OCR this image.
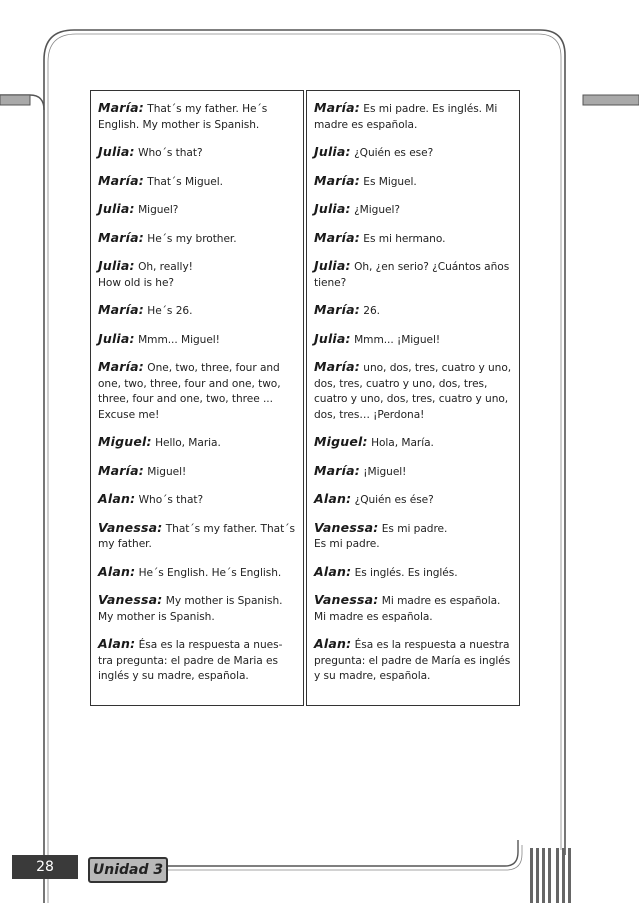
María: That´s my father. He´s English. My mother is Spanish.

Julia: Who´s that?

María: That´s Miguel.

Julia: Miguel?

María: He´s my brother.

Julia: Oh, really!
How old is he?

María: He´s 26.

Julia: Mmm... Miguel!

María: One, two, three, four and one, two, three, four and one, two, three, four and one, two, three ... Excuse me!

Miguel: Hello, Maria.

María: Miguel!

Alan: Who´s that?

Vanessa: That´s my father. That´s my father.

Alan: He´s English. He´s English.

Vanessa: My mother is Spanish. My mother is Spanish.

Alan: Ésa es la respuesta a nues-tra pregunta: el padre de Maria es inglés y su madre, española.

María: Es mi padre. Es inglés. Mi madre es española.

Julia: ¿Quién es ese?

María: Es Miguel.

Julia: ¿Miguel?

María: Es mi hermano.

Julia: Oh, ¿en serio? ¿Cuántos años tiene?

María: 26.

Julia: Mmm... ¡Miguel!

María: uno, dos, tres, cuatro y uno, dos, tres, cuatro y uno, dos, tres, cuatro y uno, dos, tres, cuatro y uno, dos, tres… ¡Perdona!

Miguel: Hola, María.

María: ¡Miguel!

Alan: ¿Quién es ése?

Vanessa: Es mi padre.
Es mi padre.

Alan: Es inglés. Es inglés.

Vanessa: Mi madre es española. Mi madre es española.

Alan: Ésa es la respuesta a nuestra pregunta: el padre de María es inglés y su madre, española.

28	Unidad 3
